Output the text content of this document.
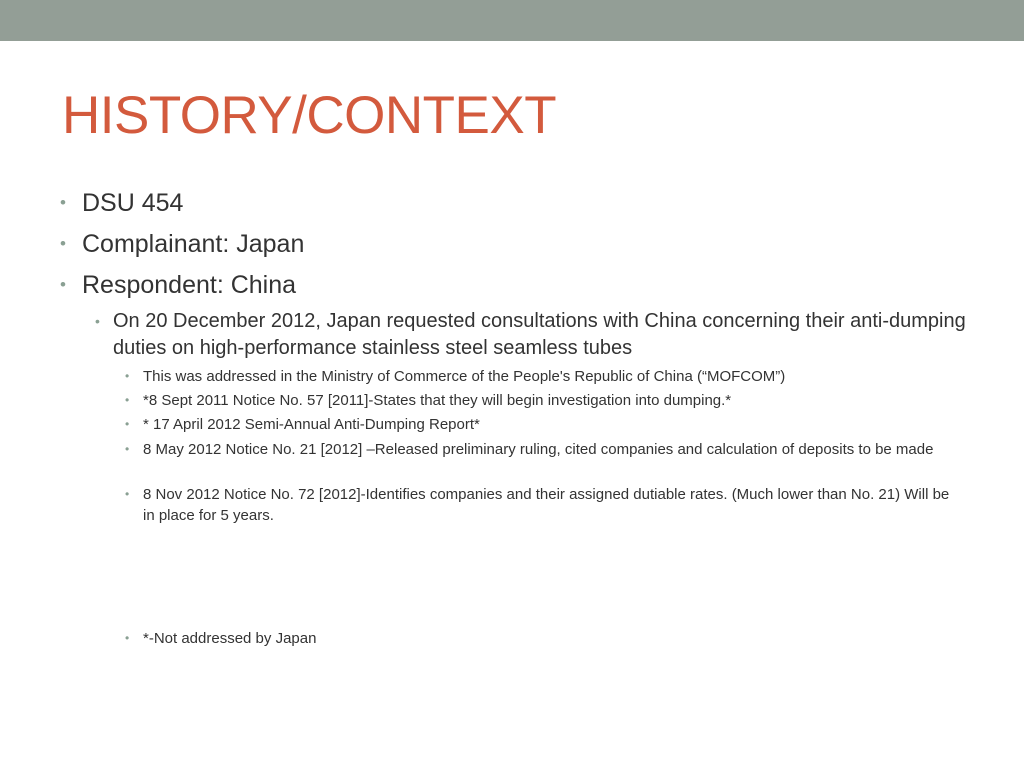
HISTORY/CONTEXT
• DSU 454
• Complainant: Japan
• Respondent: China
• On 20 December 2012, Japan requested consultations with China concerning their anti-dumping duties on high-performance stainless steel seamless tubes
• This was addressed in the Ministry of Commerce of the People's Republic of China (“MOFCOM”)
• *8 Sept 2011 Notice No. 57 [2011]-States that they will begin investigation into dumping.*
• * 17 April 2012 Semi-Annual Anti-Dumping Report*
• 8 May 2012 Notice No. 21 [2012] –Released preliminary ruling, cited companies and calculation of deposits to be made
• 8 Nov 2012 Notice No. 72 [2012]-Identifies companies and their assigned dutiable rates. (Much lower than No. 21) Will be in place for 5 years.
• *-Not addressed by Japan
